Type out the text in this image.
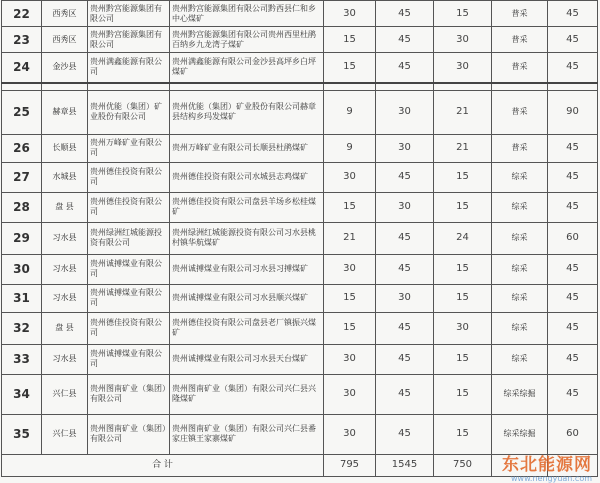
22	西秀区	贵州黔宫能源集团有限公司	贵州黔宫能源集团有限公司黔西县仁和乡中心煤矿	30	45	15	普采	45
23	西秀区	贵州黔宫能源集团有限公司	贵州黔宫能源集团有限公司贵州西里杜鹃百纳乡九龙湾子煤矿	15	45	30	普采	45
24	金沙县	贵州满鑫能源有限公司	贵州满鑫能源有限公司金沙县高坪乡白坪煤矿	15	45	30	普采	45

25	赫章县	贵州优能（集团）矿业股份有限公司	贵州优能（集团）矿业股份有限公司赫章县结构乡玛发煤矿	9	30	21	普采	90
26	长顺县	贵州万峰矿业有限公司	贵州万峰矿业有限公司长顺县杜鹃煤矿	9	30	21	普采	45
27	水城县	贵州德佳投资有限公司	贵州德佳投资有限公司水城县志鸡煤矿	30	45	15	综采	45
28	盘 县	贵州德佳投资有限公司	贵州德佳投资有限公司盘县羊场乡松桂煤矿	15	30	15	综采	45
29	习水县	贵州绿洲红城能源投资有限公司	贵州绿洲红城能源投资有限公司习水县桃村镇华航煤矿	21	45	24	综采	60
30	习水县	贵州诚搏煤业有限公司	贵州诚搏煤业有限公司习水县习搏煤矿	30	45	15	综采	45
31	习水县	贵州诚搏煤业有限公司	贵州诚搏煤业有限公司习水县顺兴煤矿	15	30	15	综采	45
32	盘 县	贵州德佳投资有限公司	贵州德佳投资有限公司盘县老厂镇振兴煤矿	15	45	30	综采	45
33	习水县	贵州诚搏煤业有限公司	贵州诚搏煤业有限公司习水县天台煤矿	30	45	15	综采	45
34	兴仁县	贵州图南矿业（集团）有限公司	贵州图南矿业（集团）有限公司兴仁县兴隆煤矿	30	45	15	综采综掘	45
35	兴仁县	贵州图南矿业（集团）有限公司	贵州图南矿业（集团）有限公司兴仁县番家庄镇王家寨煤矿	30	45	15	综采综掘	60
合 计				795	1545	750		东北能源网
www.nengyuan.com
